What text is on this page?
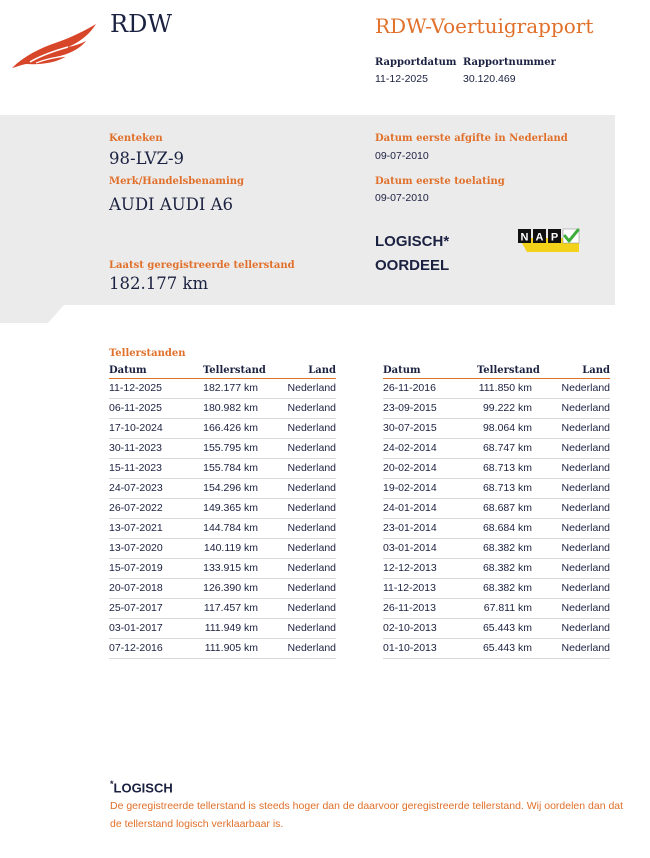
RDW	RDW-Voertuigrapport
Rapportdatum Rapportnummer
11-12-2025	30.120.469
Kenteken
98-LVZ-9
Merk/Handelsbenaming
AUDI AUDI A6
Laatst geregistreerde tellerstand
182.177 km
Datum eerste afgifte in Nederland
09-07-2010
Datum eerste toelating
09-07-2010
LOGISCH*
OORDEEL
N A P
Tellerstanden
Datum	Tellerstand	Land
11-12-2025	182.177 km	Nederland
06-11-2025	180.982 km	Nederland
17-10-2024	166.426 km	Nederland
30-11-2023	155.795 km	Nederland
15-11-2023	155.784 km	Nederland
24-07-2023	154.296 km	Nederland
26-07-2022	149.365 km	Nederland
13-07-2021	144.784 km	Nederland
13-07-2020	140.119 km	Nederland
15-07-2019	133.915 km	Nederland
20-07-2018	126.390 km	Nederland
25-07-2017	117.457 km	Nederland
03-01-2017	111.949 km	Nederland
07-12-2016	111.905 km	Nederland
Datum	Tellerstand	Land
26-11-2016	111.850 km	Nederland
23-09-2015	99.222 km	Nederland
30-07-2015	98.064 km	Nederland
24-02-2014	68.747 km	Nederland
20-02-2014	68.713 km	Nederland
19-02-2014	68.713 km	Nederland
24-01-2014	68.687 km	Nederland
23-01-2014	68.684 km	Nederland
03-01-2014	68.382 km	Nederland
12-12-2013	68.382 km	Nederland
11-12-2013	68.382 km	Nederland
26-11-2013	67.811 km	Nederland
02-10-2013	65.443 km	Nederland
01-10-2013	65.443 km	Nederland
*LOGISCH
De geregistreerde tellerstand is steeds hoger dan de daarvoor geregistreerde tellerstand. Wij oordelen dan dat de tellerstand logisch verklaarbaar is.
